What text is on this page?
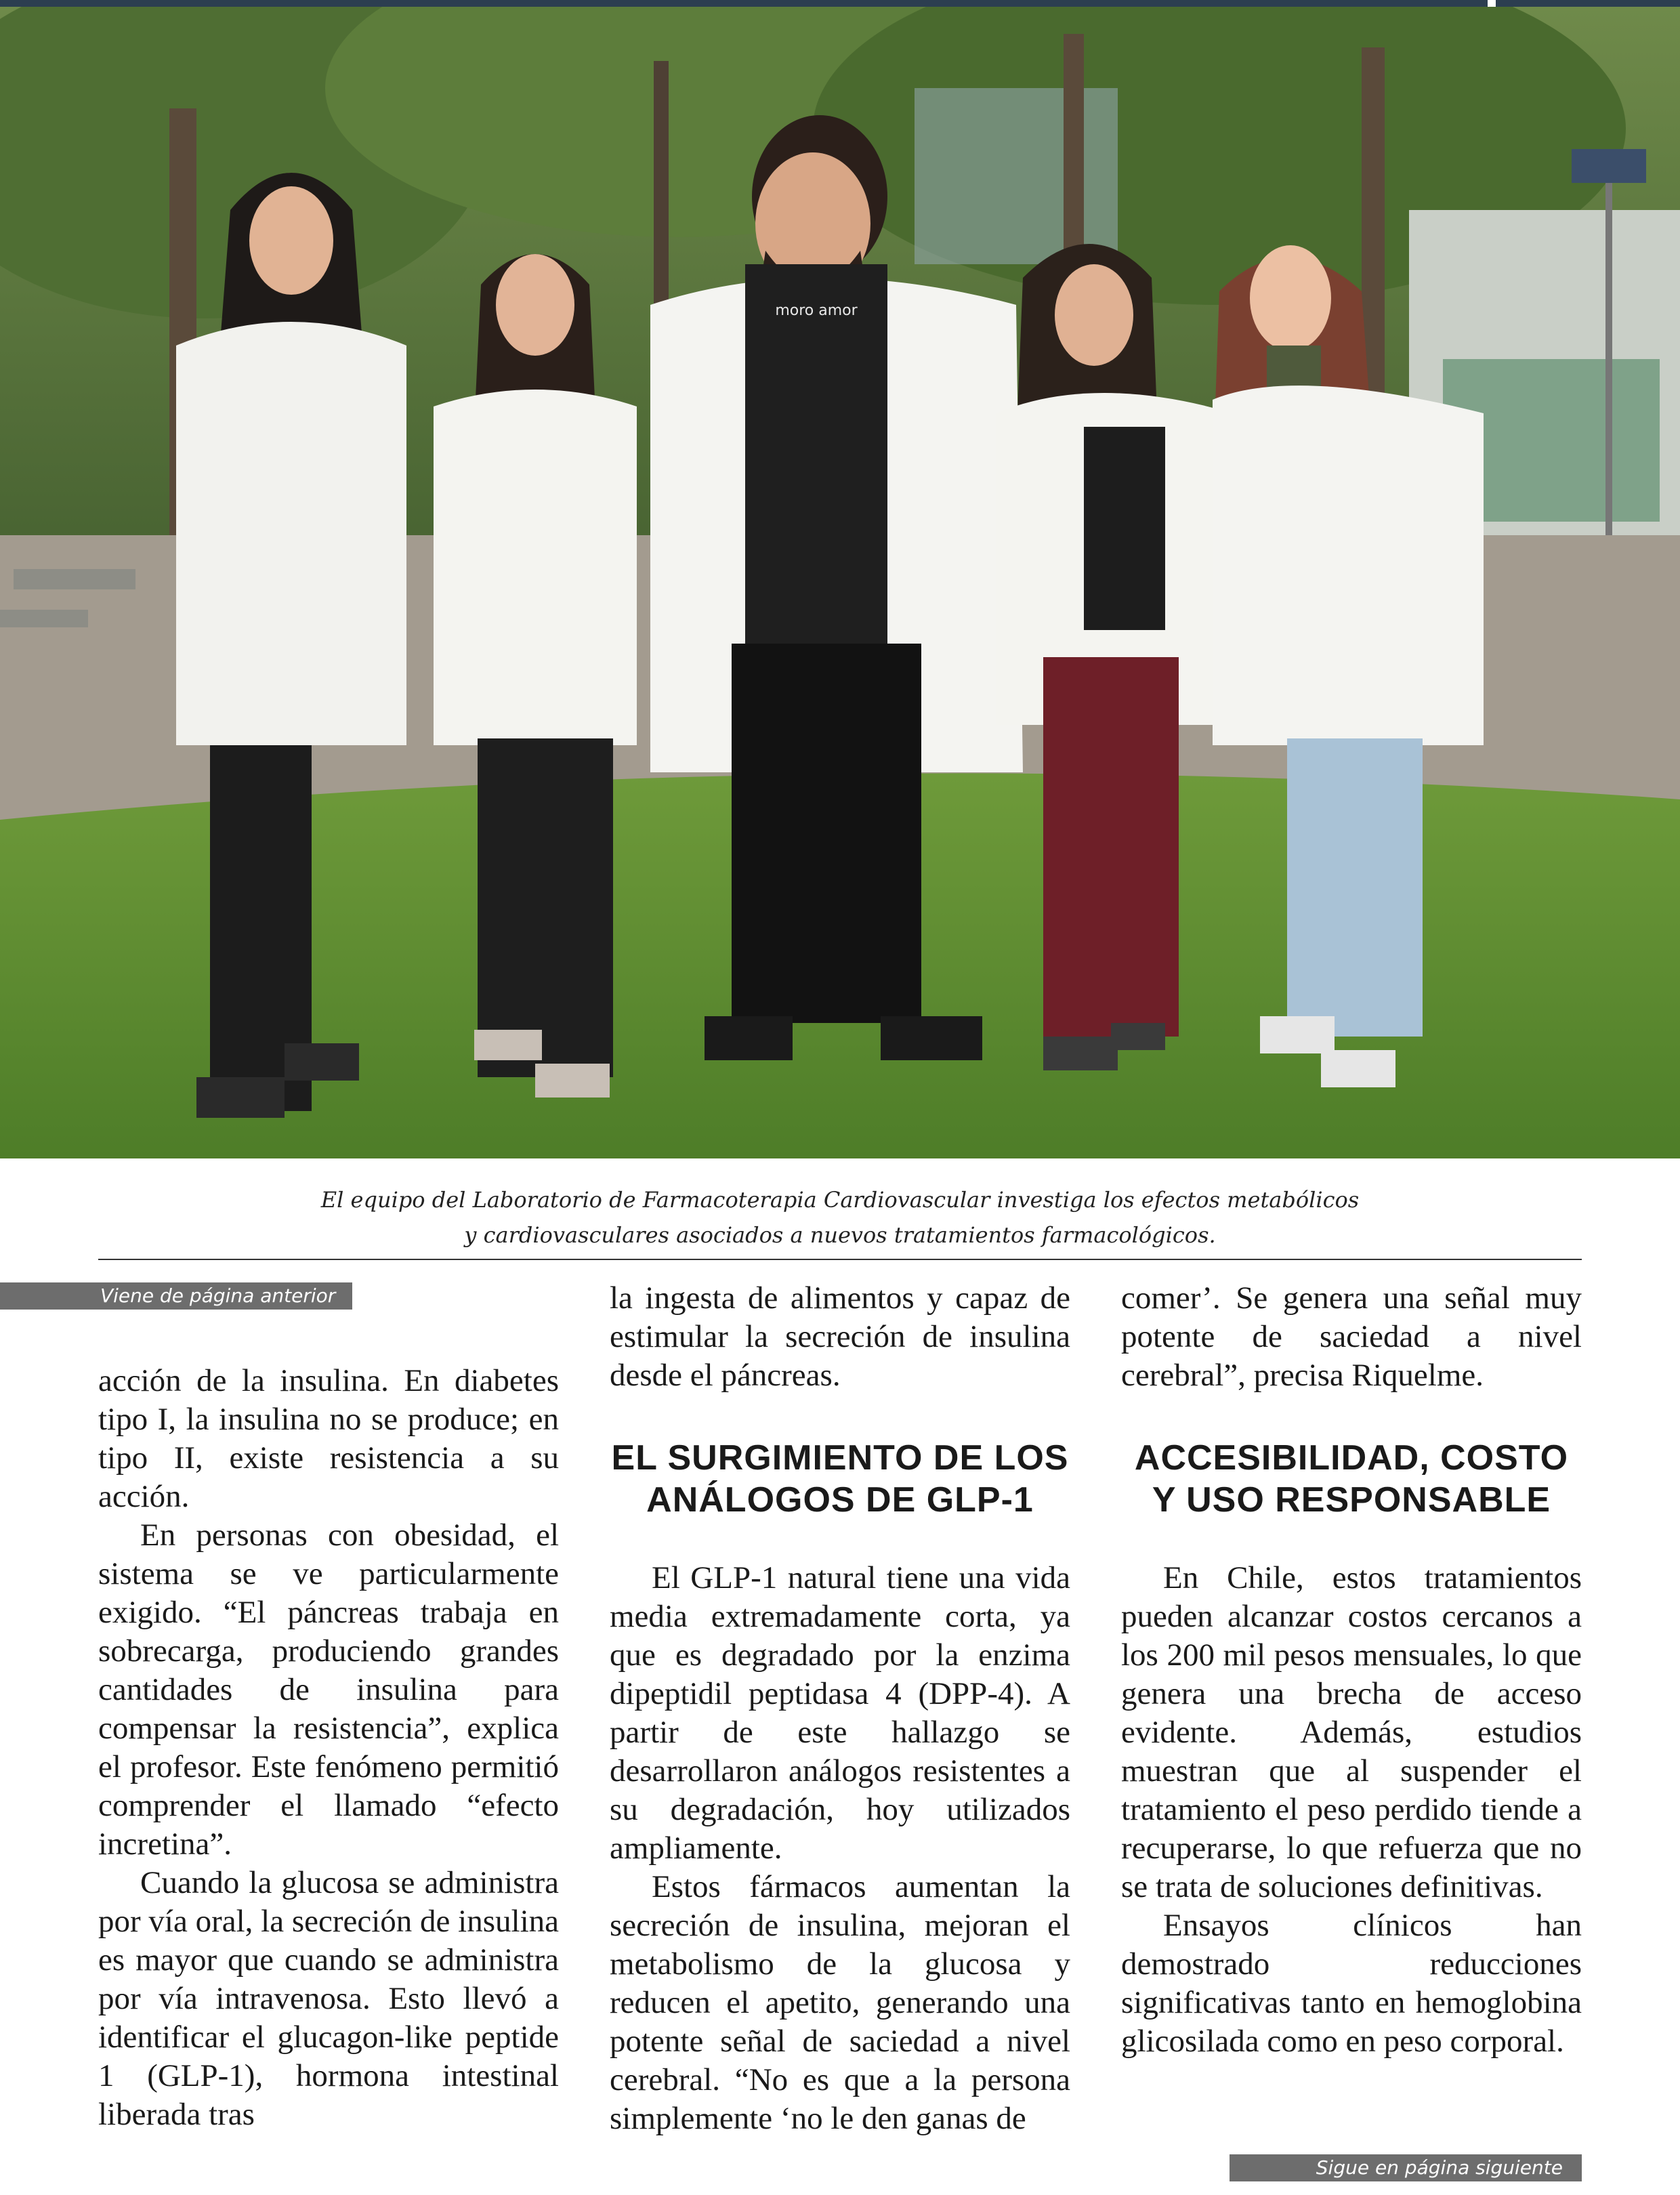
moro amor
El equipo del Laboratorio de Farmacoterapia Cardiovascular investiga los efectos metabólicos
y cardiovasculares asociados a nuevos tratamientos farmacológicos.
Viene de página anterior

acción de la insulina. En diabetes tipo I, la insulina no se produce; en tipo II, existe resistencia a su acción.

En personas con obesidad, el sistema se ve particularmente exigido. “El páncreas trabaja en sobrecarga, produciendo grandes cantidades de insulina para compensar la resistencia”, explica el profesor. Este fenómeno permitió comprender el llamado “efecto incretina”.

Cuando la glucosa se administra por vía oral, la secreción de insulina es mayor que cuando se administra por vía intravenosa. Esto llevó a identificar el glucagon-like peptide 1 (GLP-1), hormona intestinal liberada tras

la ingesta de alimentos y capaz de estimular la secreción de insulina desde el páncreas.

EL SURGIMIENTO DE LOS ANÁLOGOS DE GLP-1

El GLP-1 natural tiene una vida media extremadamente corta, ya que es degradado por la enzima dipeptidil peptidasa 4 (DPP-4). A partir de este hallazgo se desarrollaron análogos resistentes a su degradación, hoy utilizados ampliamente.

Estos fármacos aumentan la secreción de insulina, mejoran el metabolismo de la glucosa y reducen el apetito, generando una potente señal de saciedad a nivel cerebral. “No es que a la persona simplemente ‘no le den ganas de

comer’. Se genera una señal muy potente de saciedad a nivel cerebral”, precisa Riquelme.

ACCESIBILIDAD, COSTO Y USO RESPONSABLE

En Chile, estos tratamientos pueden alcanzar costos cercanos a los 200 mil pesos mensuales, lo que genera una brecha de acceso evidente. Además, estudios muestran que al suspender el tratamiento el peso perdido tiende a recuperarse, lo que refuerza que no se trata de soluciones definitivas.

Ensayos clínicos han demostrado reducciones significativas tanto en hemoglobina glicosilada como en peso corporal.

Sigue en página siguiente
